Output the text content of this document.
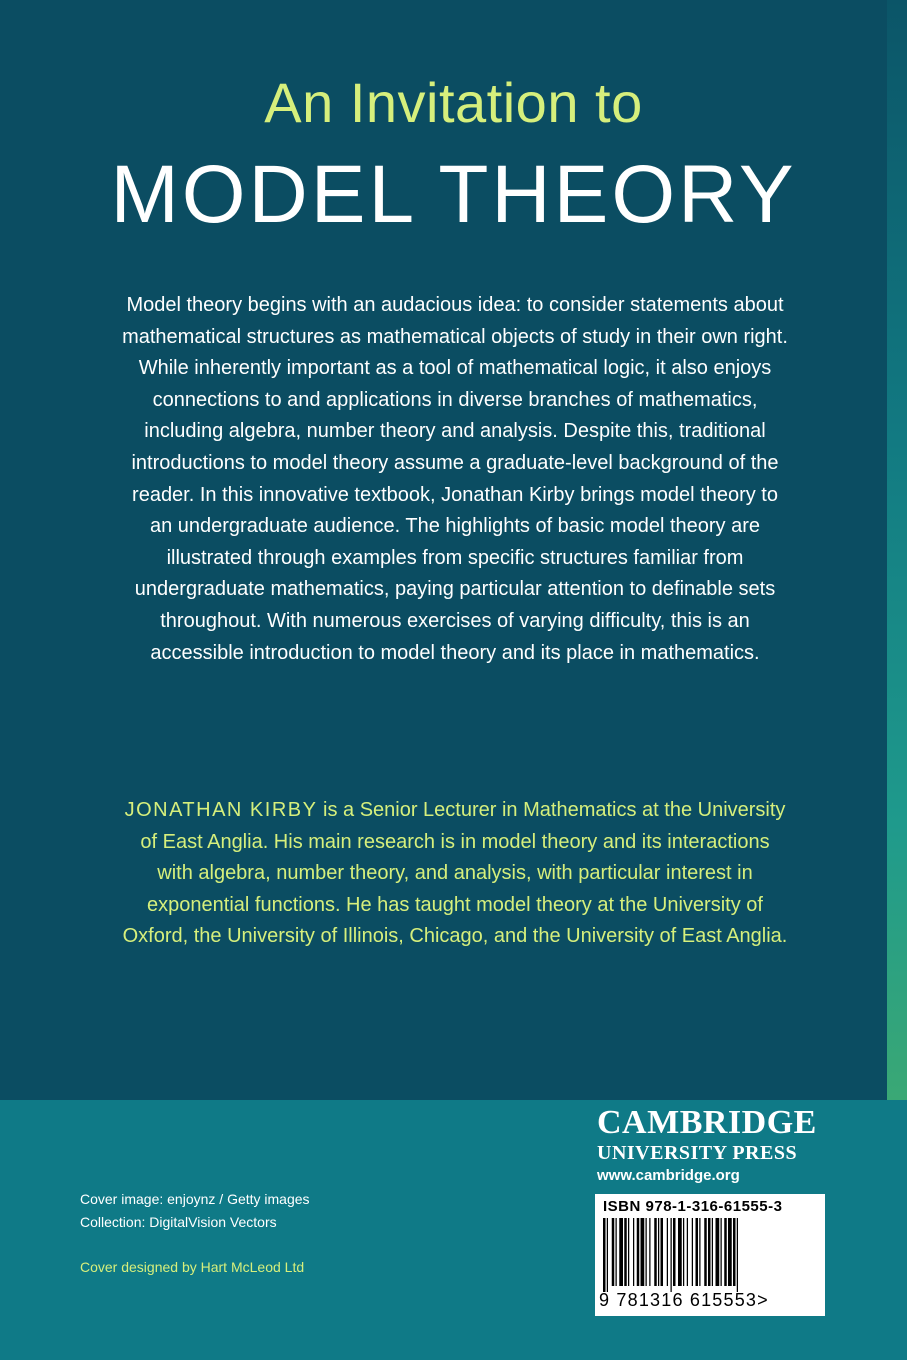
An Invitation to
MODEL THEORY
Model theory begins with an audacious idea: to consider statements about mathematical structures as mathematical objects of study in their own right. While inherently important as a tool of mathematical logic, it also enjoys connections to and applications in diverse branches of mathematics, including algebra, number theory and analysis. Despite this, traditional introductions to model theory assume a graduate-level background of the reader. In this innovative textbook, Jonathan Kirby brings model theory to an undergraduate audience. The highlights of basic model theory are illustrated through examples from specific structures familiar from undergraduate mathematics, paying particular attention to definable sets throughout. With numerous exercises of varying difficulty, this is an accessible introduction to model theory and its place in mathematics.
JONATHAN KIRBY is a Senior Lecturer in Mathematics at the University of East Anglia. His main research is in model theory and its interactions with algebra, number theory, and analysis, with particular interest in exponential functions. He has taught model theory at the University of Oxford, the University of Illinois, Chicago, and the University of East Anglia.
Cover image: enjoynz / Getty images
Collection: DigitalVision Vectors
Cover designed by Hart McLeod Ltd
CAMBRIDGE
UNIVERSITY PRESS
www.cambridge.org
ISBN 978-1-316-61555-3
9 781316 615553>
